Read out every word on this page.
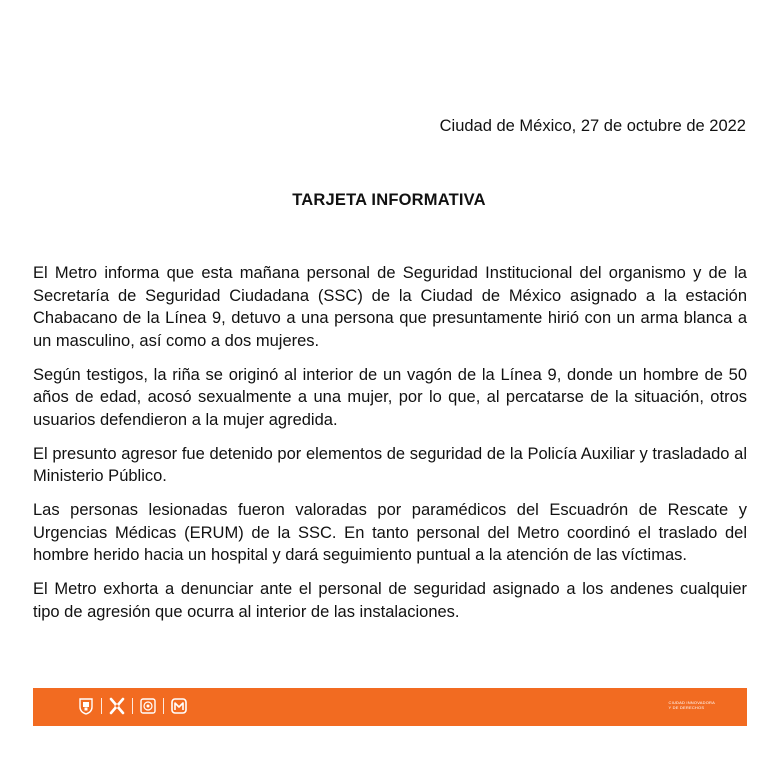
Ciudad de México, 27 de octubre de 2022
TARJETA INFORMATIVA

El Metro informa que esta mañana personal de Seguridad Institucional del organismo y de la Secretaría de Seguridad Ciudadana (SSC) de la Ciudad de México asignado a la estación Chabacano de la Línea 9, detuvo a una persona que presuntamente hirió con un arma blanca a un masculino, así como a dos mujeres.

Según testigos, la riña se originó al interior de un vagón de la Línea 9, donde un hombre de 50 años de edad, acosó sexualmente a una mujer, por lo que, al percatarse de la situación, otros usuarios defendieron a la mujer agredida.

El presunto agresor fue detenido por elementos de seguridad de la Policía Auxiliar y trasladado al Ministerio Público.

Las personas lesionadas fueron valoradas por paramédicos del Escuadrón de Rescate y Urgencias Médicas (ERUM) de la SSC. En tanto personal del Metro coordinó el traslado del hombre herido hacia un hospital y dará seguimiento puntual a la atención de las víctimas.

El Metro exhorta a denunciar ante el personal de seguridad asignado a los andenes cualquier tipo de agresión que ocurra al interior de las instalaciones.

CIUDAD INNOVADORA
Y DE DERECHOS
